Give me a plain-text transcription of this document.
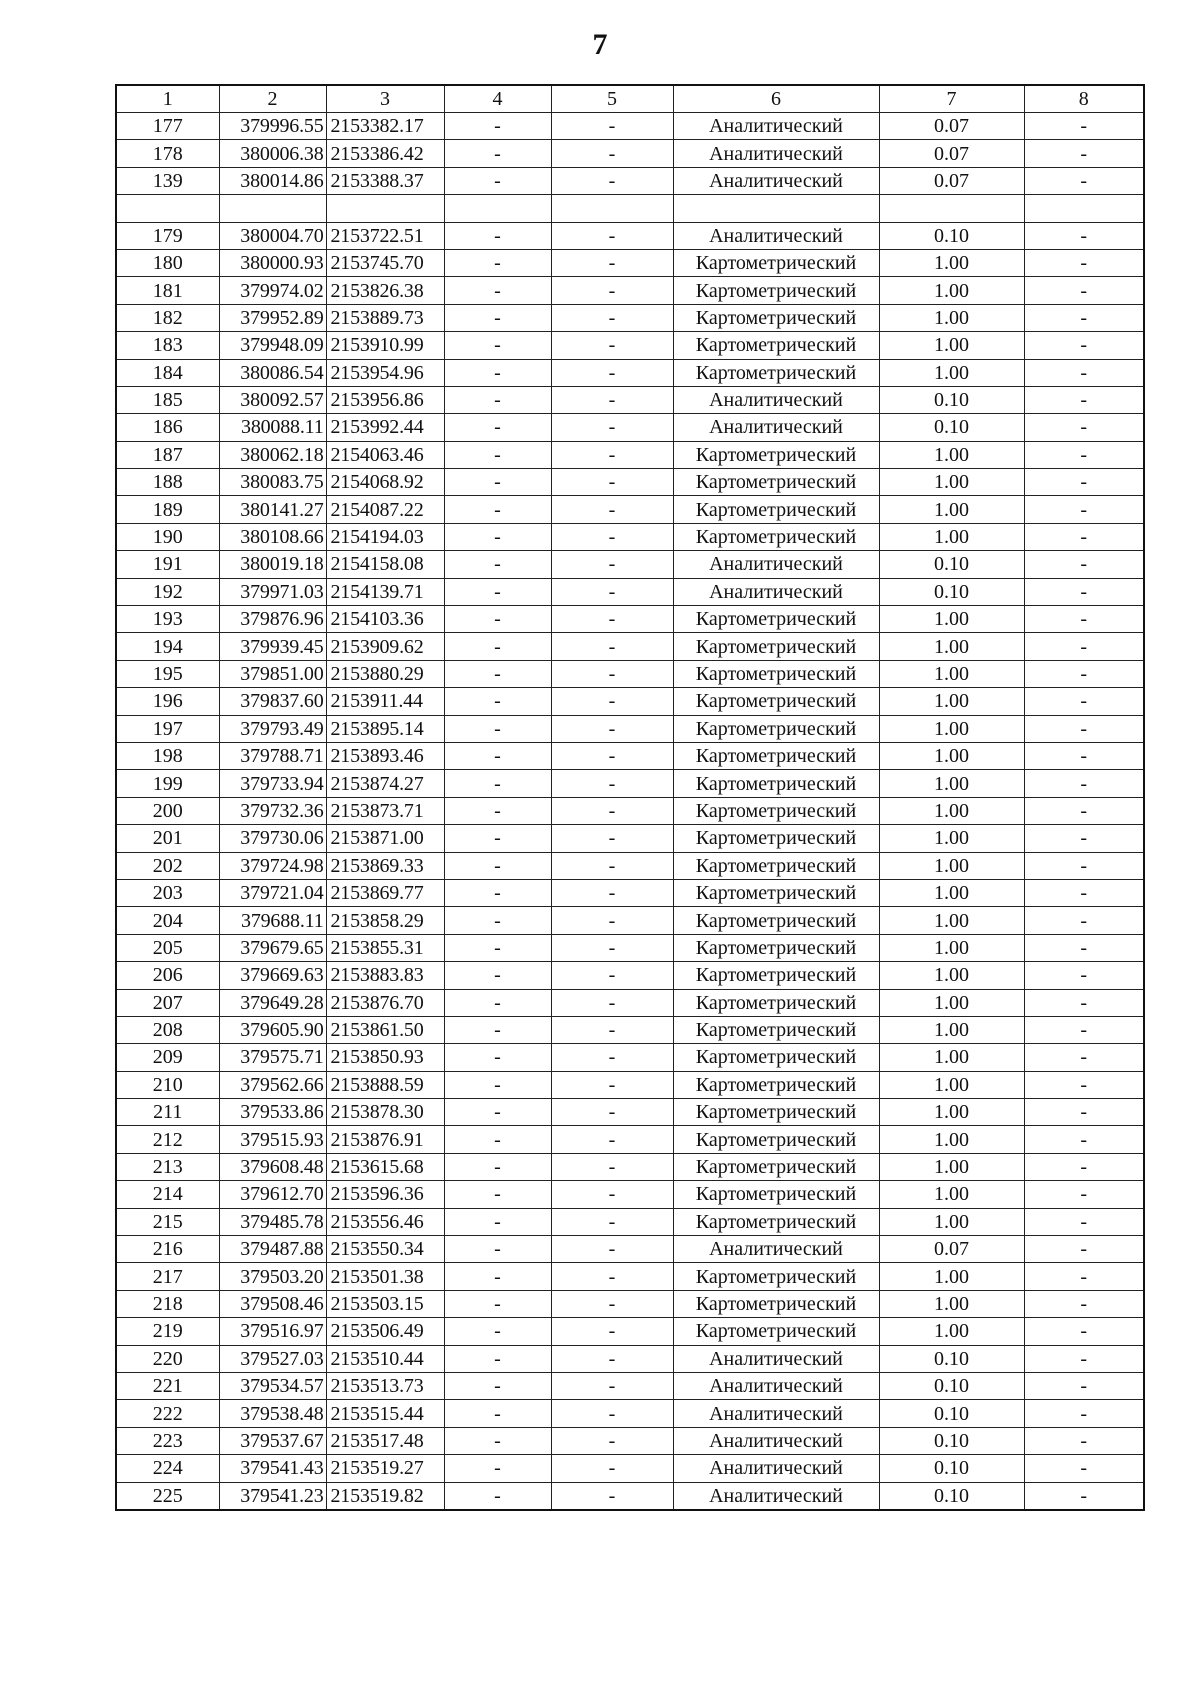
7
1	2	3	4	5	6	7	8
177	379996.55	2153382.17	-	-	Аналитический	0.07	-
178	380006.38	2153386.42	-	-	Аналитический	0.07	-
139	380014.86	2153388.37	-	-	Аналитический	0.07	-

179	380004.70	2153722.51	-	-	Аналитический	0.10	-
180	380000.93	2153745.70	-	-	Картометрический	1.00	-
181	379974.02	2153826.38	-	-	Картометрический	1.00	-
182	379952.89	2153889.73	-	-	Картометрический	1.00	-
183	379948.09	2153910.99	-	-	Картометрический	1.00	-
184	380086.54	2153954.96	-	-	Картометрический	1.00	-
185	380092.57	2153956.86	-	-	Аналитический	0.10	-
186	380088.11	2153992.44	-	-	Аналитический	0.10	-
187	380062.18	2154063.46	-	-	Картометрический	1.00	-
188	380083.75	2154068.92	-	-	Картометрический	1.00	-
189	380141.27	2154087.22	-	-	Картометрический	1.00	-
190	380108.66	2154194.03	-	-	Картометрический	1.00	-
191	380019.18	2154158.08	-	-	Аналитический	0.10	-
192	379971.03	2154139.71	-	-	Аналитический	0.10	-
193	379876.96	2154103.36	-	-	Картометрический	1.00	-
194	379939.45	2153909.62	-	-	Картометрический	1.00	-
195	379851.00	2153880.29	-	-	Картометрический	1.00	-
196	379837.60	2153911.44	-	-	Картометрический	1.00	-
197	379793.49	2153895.14	-	-	Картометрический	1.00	-
198	379788.71	2153893.46	-	-	Картометрический	1.00	-
199	379733.94	2153874.27	-	-	Картометрический	1.00	-
200	379732.36	2153873.71	-	-	Картометрический	1.00	-
201	379730.06	2153871.00	-	-	Картометрический	1.00	-
202	379724.98	2153869.33	-	-	Картометрический	1.00	-
203	379721.04	2153869.77	-	-	Картометрический	1.00	-
204	379688.11	2153858.29	-	-	Картометрический	1.00	-
205	379679.65	2153855.31	-	-	Картометрический	1.00	-
206	379669.63	2153883.83	-	-	Картометрический	1.00	-
207	379649.28	2153876.70	-	-	Картометрический	1.00	-
208	379605.90	2153861.50	-	-	Картометрический	1.00	-
209	379575.71	2153850.93	-	-	Картометрический	1.00	-
210	379562.66	2153888.59	-	-	Картометрический	1.00	-
211	379533.86	2153878.30	-	-	Картометрический	1.00	-
212	379515.93	2153876.91	-	-	Картометрический	1.00	-
213	379608.48	2153615.68	-	-	Картометрический	1.00	-
214	379612.70	2153596.36	-	-	Картометрический	1.00	-
215	379485.78	2153556.46	-	-	Картометрический	1.00	-
216	379487.88	2153550.34	-	-	Аналитический	0.07	-
217	379503.20	2153501.38	-	-	Картометрический	1.00	-
218	379508.46	2153503.15	-	-	Картометрический	1.00	-
219	379516.97	2153506.49	-	-	Картометрический	1.00	-
220	379527.03	2153510.44	-	-	Аналитический	0.10	-
221	379534.57	2153513.73	-	-	Аналитический	0.10	-
222	379538.48	2153515.44	-	-	Аналитический	0.10	-
223	379537.67	2153517.48	-	-	Аналитический	0.10	-
224	379541.43	2153519.27	-	-	Аналитический	0.10	-
225	379541.23	2153519.82	-	-	Аналитический	0.10	-
